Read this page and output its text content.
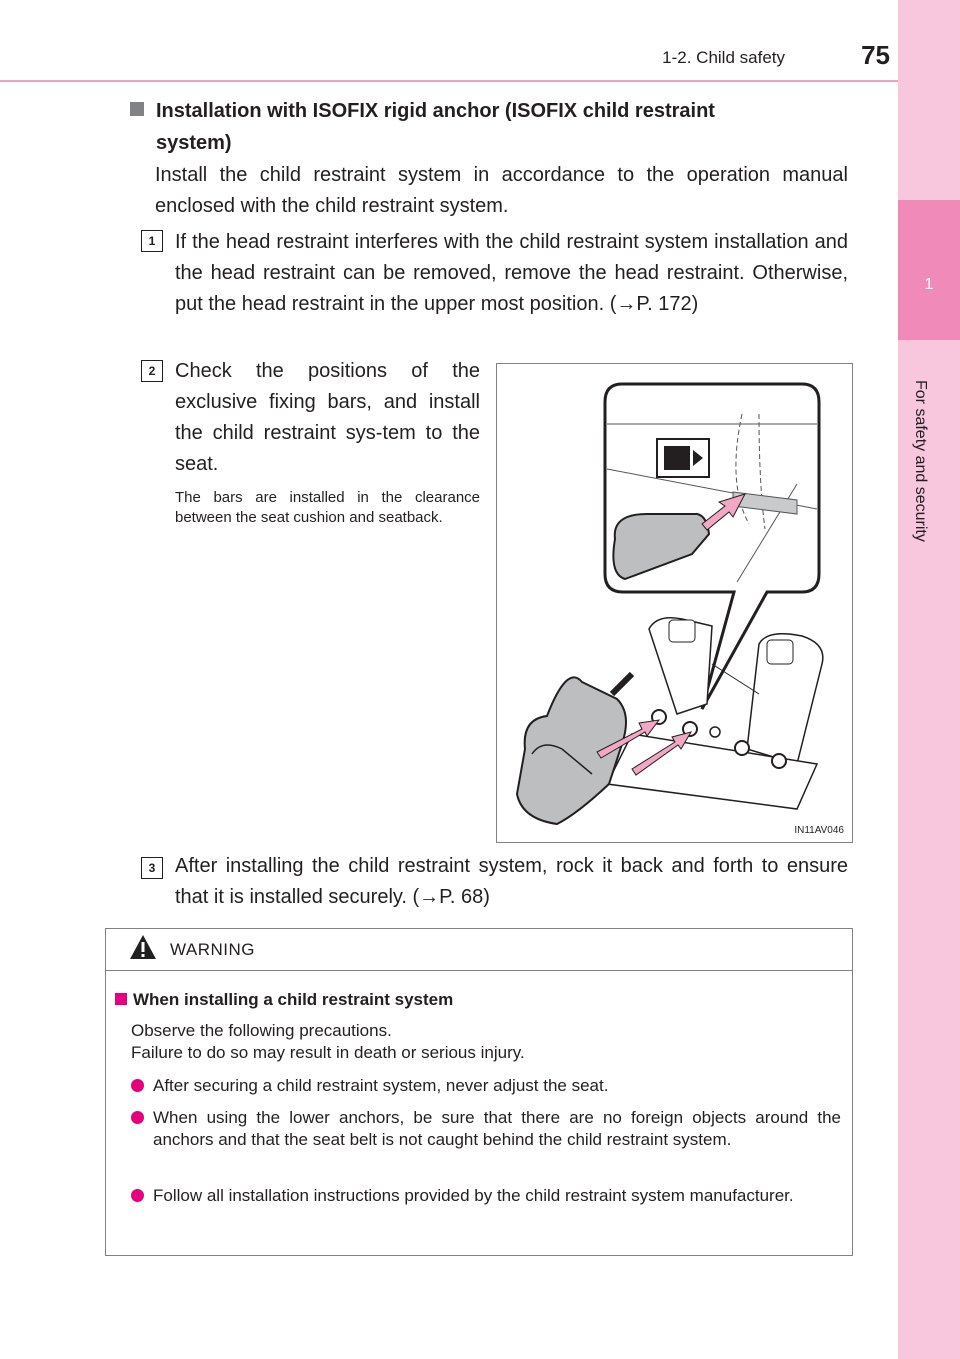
1-2. Child safety	75
1
For safety and security
Installation with ISOFIX rigid anchor (ISOFIX child restraint
system)
Install the child restraint system in accordance to the operation manual enclosed with the child restraint system.
1 If the head restraint interferes with the child restraint system installation and the head restraint can be removed, remove the head restraint. Otherwise, put the head restraint in the upper most position. (→P. 172)
2 Check the positions of the exclusive fixing bars, and install the child restraint sys-tem to the seat.
The bars are installed in the clearance between the seat cushion and seatback.
IN11AV046
3 After installing the child restraint system, rock it back and forth to ensure that it is installed securely. (→P. 68)
WARNING
When installing a child restraint system
Observe the following precautions.
Failure to do so may result in death or serious injury.
After securing a child restraint system, never adjust the seat.
When using the lower anchors, be sure that there are no foreign objects around the anchors and that the seat belt is not caught behind the child restraint system.
Follow all installation instructions provided by the child restraint system manufacturer.
